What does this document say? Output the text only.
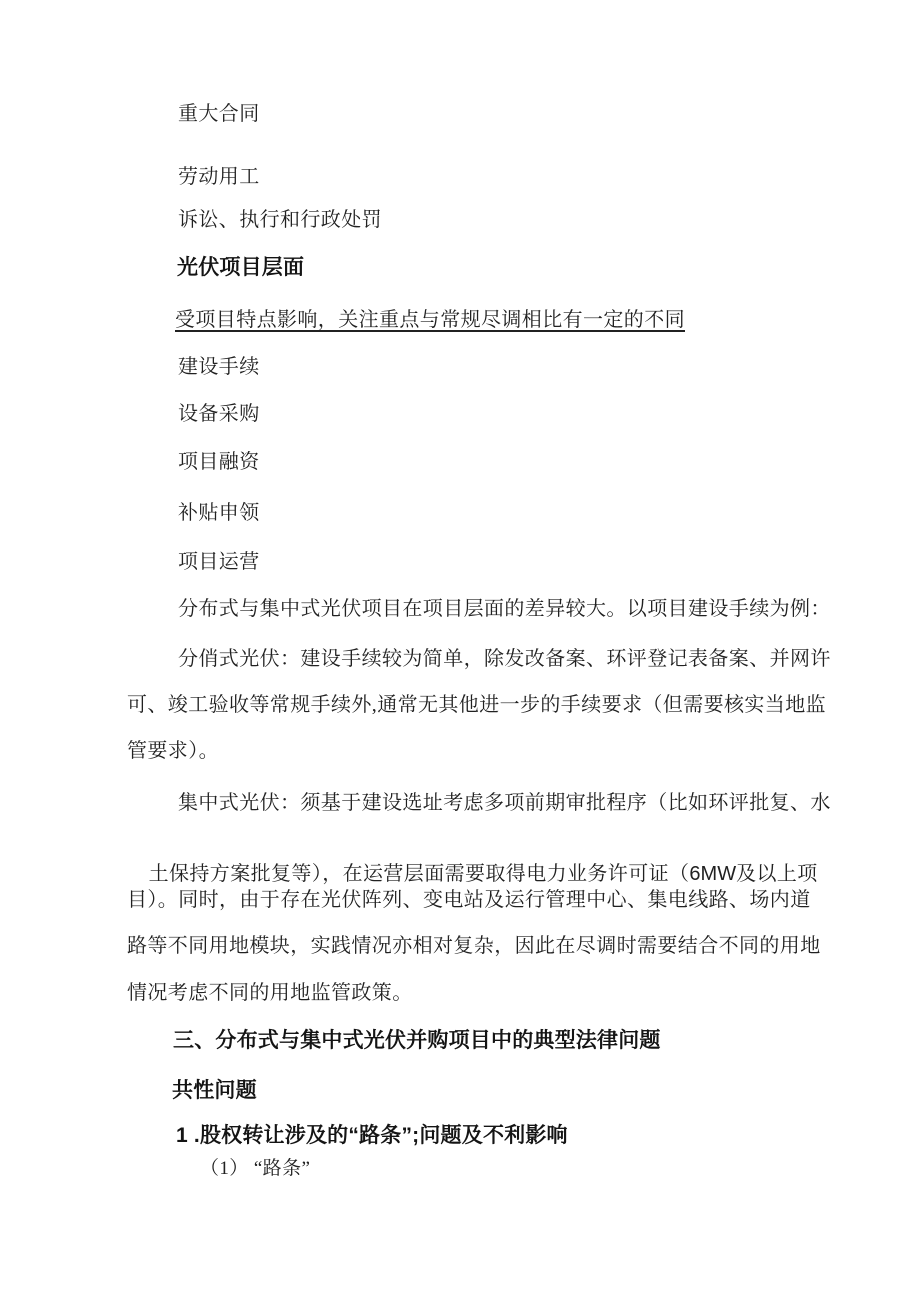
重大合同
劳动用工
诉讼、执行和行政处罚
光伏项目层面
受项目特点影响，关注重点与常规尽调相比有一定的不同
建设手续
设备采购
项目融资
补贴申领
项目运营
分布式与集中式光伏项目在项目层面的差异较大。以项目建设手续为例：
分俏式光伏：建设手续较为简单，除发改备案、环评登记表备案、并网许
可、竣工验收等常规手续外,通常无其他进一步的手续要求（但需要核实当地监
管要求）。
集中式光伏：须基于建设选址考虑多项前期审批程序（比如环评批复、水

土保持方案批复等），在运营层面需要取得电力业务许可证（6MW及以上项

目）。同时，由于存在光伏阵列、变电站及运行管理中心、集电线路、场内道
路等不同用地模块，实践情况亦相对复杂，因此在尽调时需要结合不同的用地
情况考虑不同的用地监管政策。
三、分布式与集中式光伏并购项目中的典型法律问题
共性问题
1 .股权转让涉及的“路条”;问题及不利影响
（1） “路条”
